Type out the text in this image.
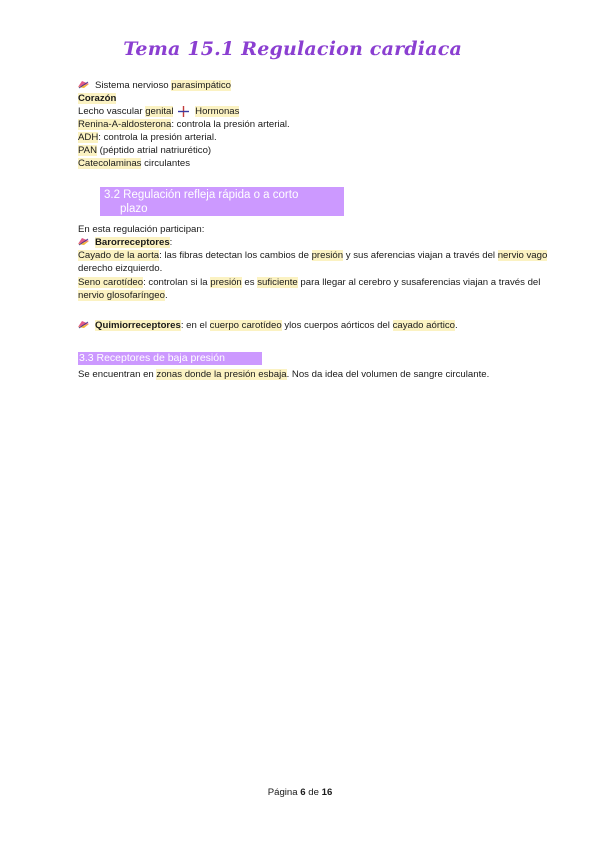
Tema 15.1 Regulacion cardiaca
Sistema nervioso parasimpático
Corazón
Lecho vascular genital Hormonas
Renina-A-aldosterona: controla la presión arterial.
ADH: controla la presión arterial.
PAN (péptido atrial natriurético)
Catecolaminas circulantes
3.2 Regulación refleja rápida o a corto
plazo
En esta regulación participan:
Barorreceptores:
Cayado de la aorta: las fibras detectan los cambios de presión y sus aferencias viajan a través del nervio vago
derecho eizquierdo.
Seno carotídeo: controlan si la presión es suficiente para llegar al cerebro y susaferencias viajan a través del
nervio glosofaríngeo.
Quimiorreceptores: en el cuerpo carotídeo ylos cuerpos aórticos del cayado aórtico.
3.3 Receptores de baja presión
Se encuentran en zonas donde la presión esbaja. Nos da idea del volumen de sangre circulante.
Página 6 de 16
